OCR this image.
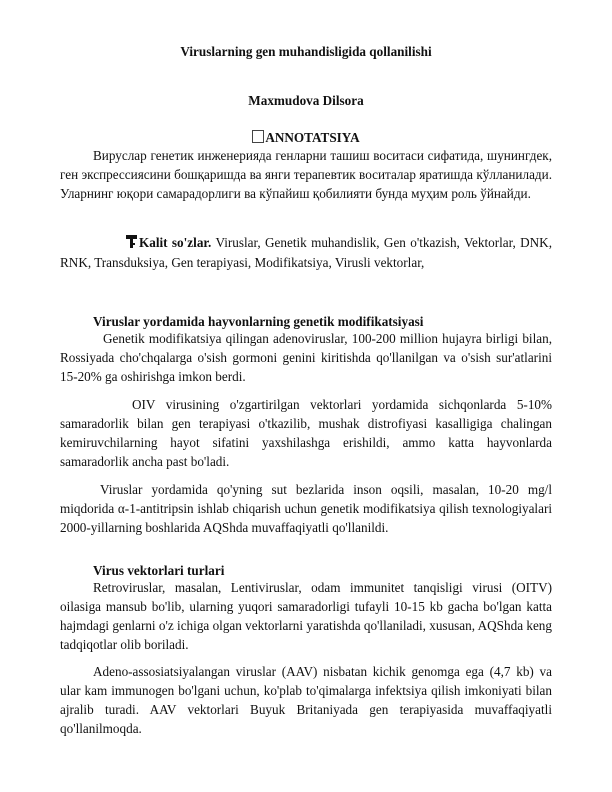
Viruslarning gen muhandisligida qollanilishi
Maxmudova Dilsora
ANNOTATSIYA

Вируслар генетик инженерияда генларни ташиш воситаси сифатида, шунингдек, ген экспрессиясини бошқаришда ва янги терапевтик воситалар яратишда кўлланилади. Уларнинг юқори самарадорлиги ва кўпайиш қобилияти бунда муҳим роль ўйнайди.

Kalit so'zlar. Viruslar, Genetik muhandislik, Gen o'tkazish, Vektorlar, DNK, RNK, Transduksiya, Gen terapiyasi, Modifikatsiya, Virusli vektorlar,

Viruslar yordamida hayvonlarning genetik modifikatsiyasi

Genetik modifikatsiya qilingan adenoviruslar, 100-200 million hujayra birligi bilan, Rossiyada cho'chqalarga o'sish gormoni genini kiritishda qo'llanilgan va o'sish sur'atlarini 15-20% ga oshirishga imkon berdi.

OIV virusining o'zgartirilgan vektorlari yordamida sichqonlarda 5-10% samaradorlik bilan gen terapiyasi o'tkazilib, mushak distrofiyasi kasalligiga chalingan kemiruvchilarning hayot sifatini yaxshilashga erishildi, ammo katta hayvonlarda samaradorlik ancha past bo'ladi.

Viruslar yordamida qo'yning sut bezlarida inson oqsili, masalan, 10-20 mg/l miqdorida α-1-antitripsin ishlab chiqarish uchun genetik modifikatsiya qilish texnologiyalari 2000-yillarning boshlarida AQShda muvaffaqiyatli qo'llanildi.

Virus vektorlari turlari

Retroviruslar, masalan, Lentiviruslar, odam immunitet tanqisligi virusi (OITV) oilasiga mansub bo'lib, ularning yuqori samaradorligi tufayli 10-15 kb gacha bo'lgan katta hajmdagi genlarni o'z ichiga olgan vektorlarni yaratishda qo'llaniladi, xususan, AQShda keng tadqiqotlar olib boriladi.

Adeno-assosiatsiyalangan viruslar (AAV) nisbatan kichik genomga ega (4,7 kb) va ular kam immunogen bo'lgani uchun, ko'plab to'qimalarga infektsiya qilish imkoniyati bilan ajralib turadi. AAV vektorlari Buyuk Britaniyada gen terapiyasida muvaffaqiyatli qo'llanilmoqda.
